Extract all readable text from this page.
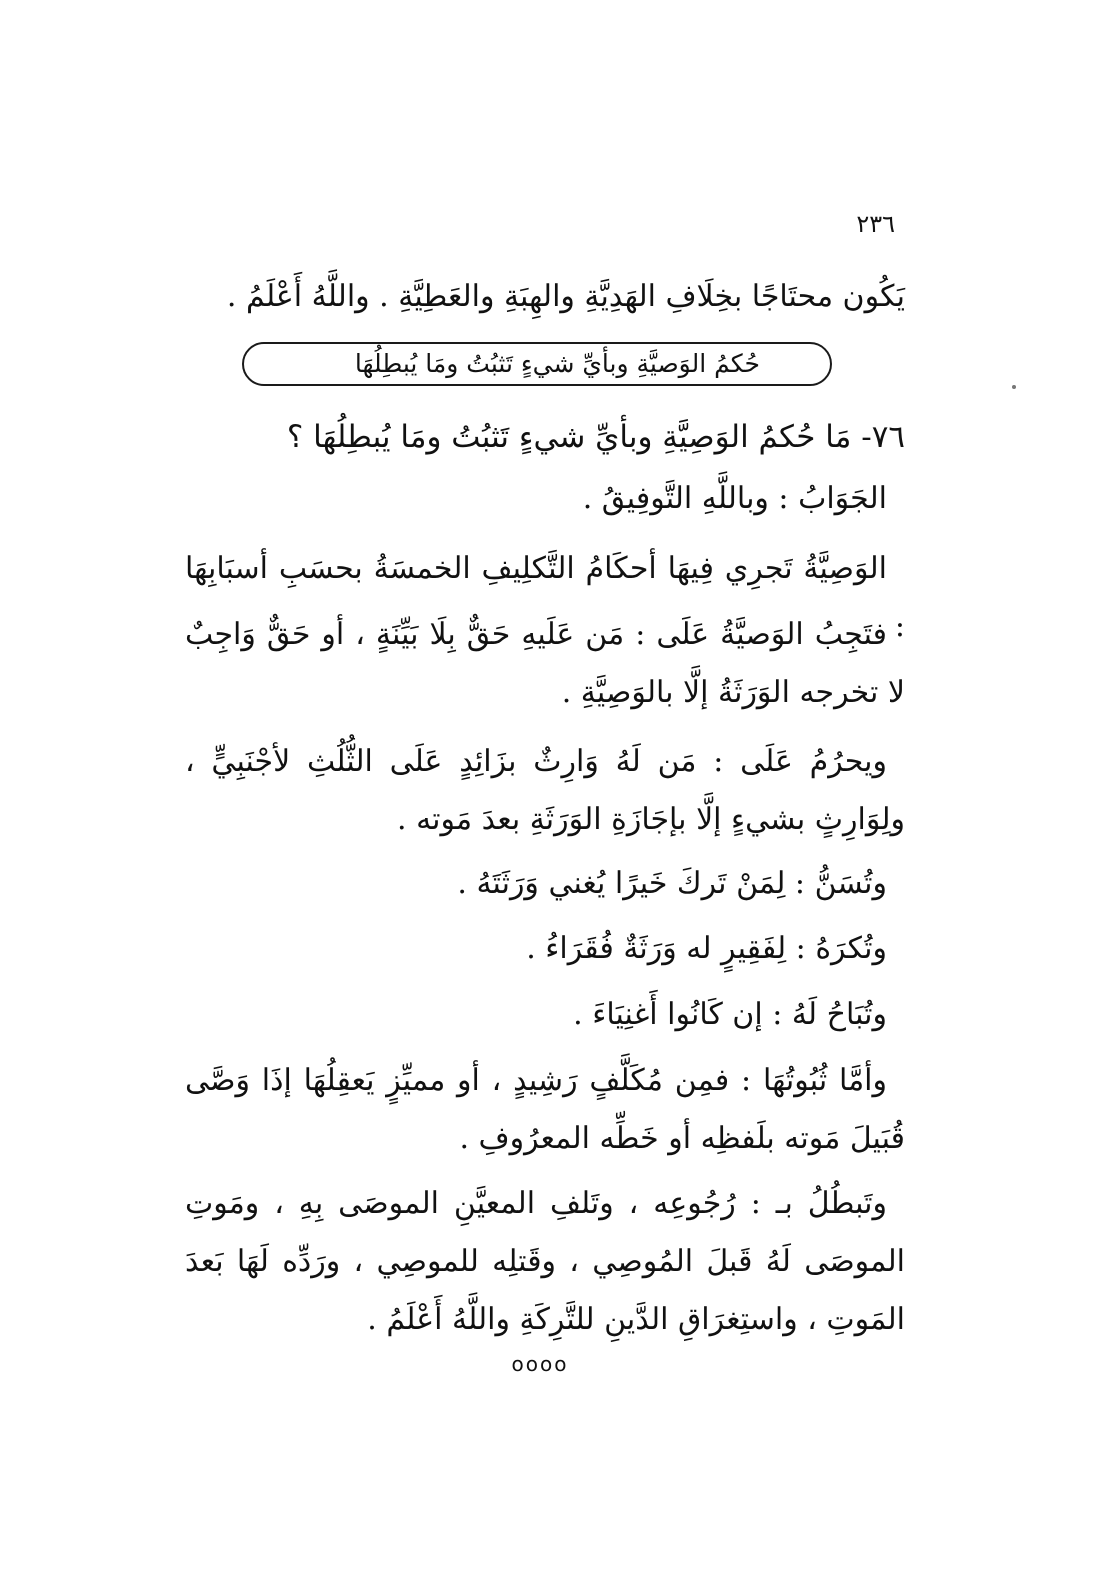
٢٣٦

يَكُون محتَاجًا بخِلَافِ الهَدِيَّةِ والهِبَةِ والعَطِيَّةِ . واللَّهُ أَعْلَمُ .

حُكمُ الوَصيَّةِ وبأيِّ شيءٍ تَثبُتُ ومَا يُبطِلُهَا

٧٦- مَا حُكمُ الوَصِيَّةِ وبأيِّ شيءٍ تَثبُتُ ومَا يُبطِلُهَا ؟

الجَوَابُ : وباللَّهِ التَّوفِيقُ .

الوَصِيَّةُ تَجرِي فِيهَا أحكَامُ التَّكلِيفِ الخمسَةُ بحسَبِ أسبَابِهَا :

فتَجِبُ الوَصيَّةُ عَلَى : مَن عَلَيهِ حَقٌّ بِلَا بَيِّنَةٍ ، أو حَقٌّ وَاجِبٌ لا تخرجه الوَرَثَةُ إلَّا بالوَصِيَّةِ .

ويحرُمُ عَلَى : مَن لَهُ وَارِثٌ بزَائِدٍ عَلَى الثُّلُثِ لأجْنَبِيٍّ ، ولِوَارِثٍ بشيءٍ إلَّا بإجَازَةِ الوَرَثَةِ بعدَ مَوته .

وتُسَنُّ : لِمَنْ تَركَ خَيرًا يُغني وَرَثَتَهُ .

وتُكرَهُ : لِفَقِيرٍ له وَرَثَةٌ فُقَرَاءُ .

وتُبَاحُ لَهُ : إن كَانُوا أَغنِيَاءَ .

وأمَّا ثُبُوتُهَا : فمِن مُكَلَّفٍ رَشِيدٍ ، أو مميِّزٍ يَعقِلُهَا إذَا وَصَّى قُبَيلَ مَوته بلَفظِه أو خَطِّه المعرُوفِ .

وتَبطُلُ بـ : رُجُوعِه ، وتَلفِ المعيَّنِ الموصَى بِهِ ، ومَوتِ الموصَى لَهُ قَبلَ المُوصِي ، وقَتلِه للموصِي ، ورَدِّه لَهَا بَعدَ المَوتِ ، واستِغرَاقِ الدَّينِ للتَّرِكَةِ واللَّهُ أَعْلَمُ .

oooo
